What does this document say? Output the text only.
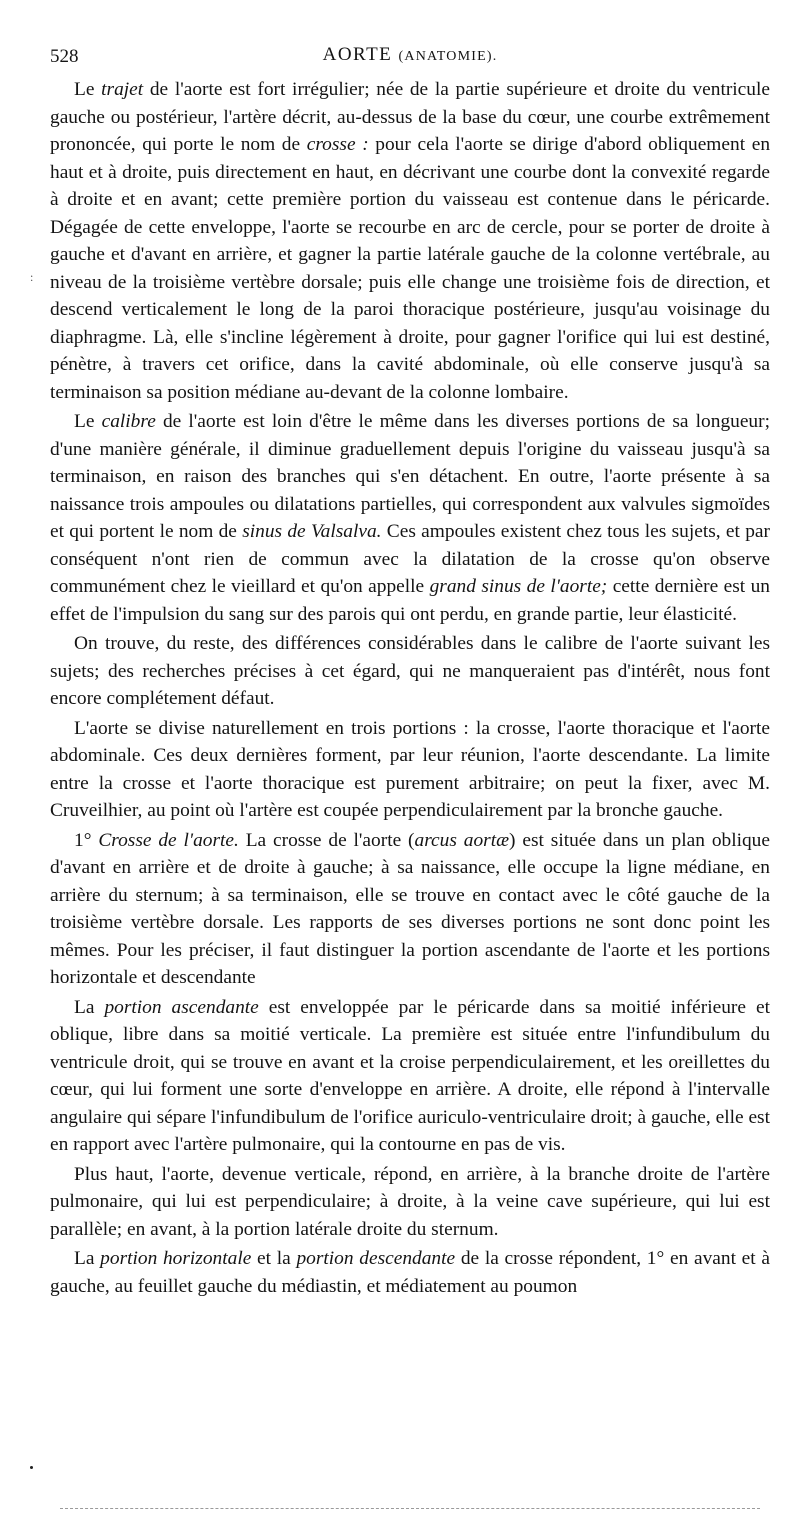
528	AORTE (ANATOMIE).

Le trajet de l'aorte est fort irrégulier; née de la partie supérieure et droite du ventricule gauche ou postérieur, l'artère décrit, au-dessus de la base du cœur, une courbe extrêmement prononcée, qui porte le nom de crosse : pour cela l'aorte se dirige d'abord obliquement en haut et à droite, puis directement en haut, en décrivant une courbe dont la convexité regarde à droite et en avant; cette première portion du vaisseau est contenue dans le péricarde. Dégagée de cette enveloppe, l'aorte se recourbe en arc de cercle, pour se porter de droite à gauche et d'avant en arrière, et gagner la partie latérale gauche de la colonne vertébrale, au niveau de la troisième vertèbre dorsale; puis elle change une troisième fois de direction, et descend verticalement le long de la paroi thoracique postérieure, jusqu'au voisinage du diaphragme. Là, elle s'incline légèrement à droite, pour gagner l'orifice qui lui est destiné, pénètre, à travers cet orifice, dans la cavité abdominale, où elle conserve jusqu'à sa terminaison sa position médiane au-devant de la colonne lombaire.

Le calibre de l'aorte est loin d'être le même dans les diverses portions de sa longueur; d'une manière générale, il diminue graduellement depuis l'origine du vaisseau jusqu'à sa terminaison, en raison des branches qui s'en détachent. En outre, l'aorte présente à sa naissance trois ampoules ou dilatations partielles, qui correspondent aux valvules sigmoïdes et qui portent le nom de sinus de Valsalva. Ces ampoules existent chez tous les sujets, et par conséquent n'ont rien de commun avec la dilatation de la crosse qu'on observe communément chez le vieillard et qu'on appelle grand sinus de l'aorte; cette dernière est un effet de l'impulsion du sang sur des parois qui ont perdu, en grande partie, leur élasticité.

On trouve, du reste, des différences considérables dans le calibre de l'aorte suivant les sujets; des recherches précises à cet égard, qui ne manqueraient pas d'intérêt, nous font encore complétement défaut.

L'aorte se divise naturellement en trois portions : la crosse, l'aorte thoracique et l'aorte abdominale. Ces deux dernières forment, par leur réunion, l'aorte descendante. La limite entre la crosse et l'aorte thoracique est purement arbitraire; on peut la fixer, avec M. Cruveilhier, au point où l'artère est coupée perpendiculairement par la bronche gauche.

1° Crosse de l'aorte. La crosse de l'aorte (arcus aortæ) est située dans un plan oblique d'avant en arrière et de droite à gauche; à sa naissance, elle occupe la ligne médiane, en arrière du sternum; à sa terminaison, elle se trouve en contact avec le côté gauche de la troisième vertèbre dorsale. Les rapports de ses diverses portions ne sont donc point les mêmes. Pour les préciser, il faut distinguer la portion ascendante de l'aorte et les portions horizontale et descendante

La portion ascendante est enveloppée par le péricarde dans sa moitié inférieure et oblique, libre dans sa moitié verticale. La première est située entre l'infundibulum du ventricule droit, qui se trouve en avant et la croise perpendiculairement, et les oreillettes du cœur, qui lui forment une sorte d'enveloppe en arrière. A droite, elle répond à l'intervalle angulaire qui sépare l'infundibulum de l'orifice auriculo-ventriculaire droit; à gauche, elle est en rapport avec l'artère pulmonaire, qui la contourne en pas de vis.

Plus haut, l'aorte, devenue verticale, répond, en arrière, à la branche droite de l'artère pulmonaire, qui lui est perpendiculaire; à droite, à la veine cave supérieure, qui lui est parallèle; en avant, à la portion latérale droite du sternum.

La portion horizontale et la portion descendante de la crosse répondent, 1° en avant et à gauche, au feuillet gauche du médiastin, et médiatement au poumon

:
